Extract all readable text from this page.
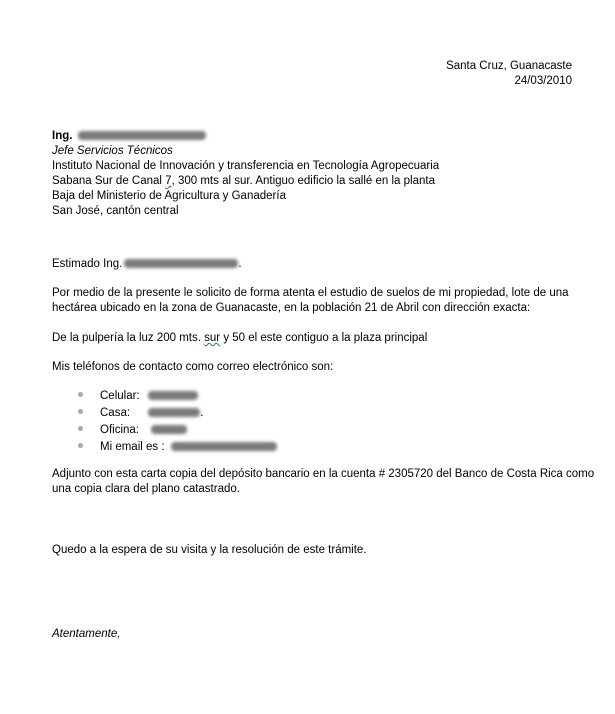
Santa Cruz, Guanacaste
24/03/2010
Ing.
Jefe Servicios Técnicos
Instituto Nacional de Innovación y transferencia en Tecnología Agropecuaria
Sabana Sur de Canal 7, 300 mts al sur. Antiguo edificio la sallé en la planta
Baja del Ministerio de Agricultura y Ganadería
San José, cantón central
Estimado Ing.	.
Por medio de la presente le solicito de forma atenta el estudio de suelos de mi propiedad, lote de una
hectárea ubicado en la zona de Guanacaste, en la población 21 de Abril con dirección exacta:
De la pulpería la luz 200 mts. sur y 50 el este contiguo a la plaza principal
Mis teléfonos de contacto como correo electrónico son:
Celular:
Casa:	.
Oficina:
Mi email es :
Adjunto con esta carta copia del depósito bancario en la cuenta # 2305720 del Banco de Costa Rica como
una copia clara del plano catastrado.
Quedo a la espera de su visita y la resolución de este trámite.
Atentamente,
